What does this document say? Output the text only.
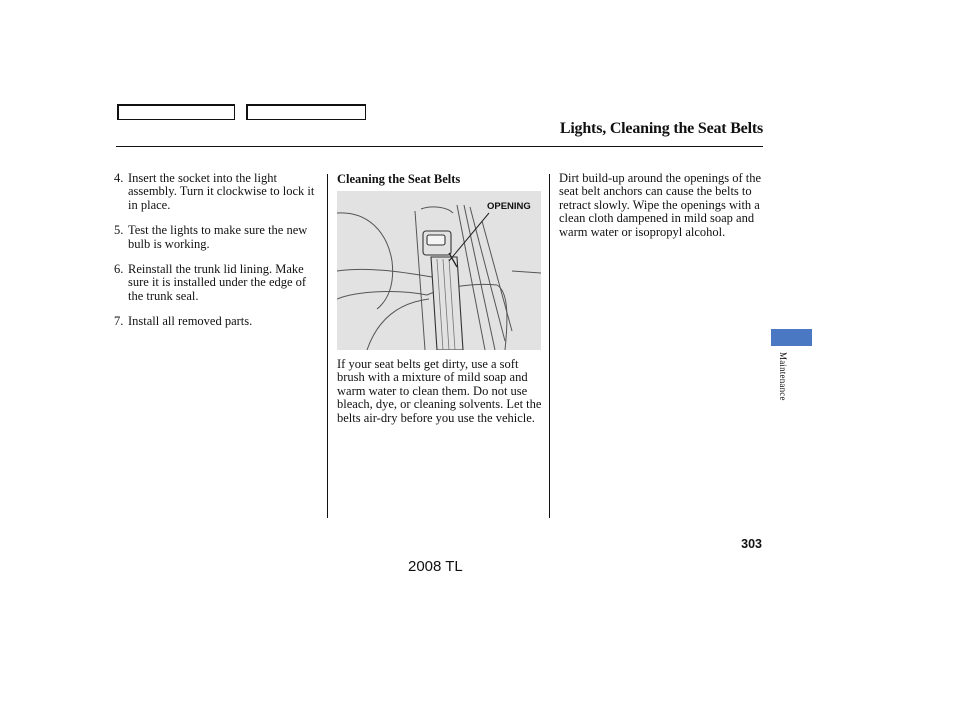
Lights, Cleaning the Seat Belts
4. Insert the socket into the light assembly. Turn it clockwise to lock it in place.
5. Test the lights to make sure the new bulb is working.
6. Reinstall the trunk lid lining. Make sure it is installed under the edge of the trunk seal.
7. Install all removed parts.
Cleaning the Seat Belts
OPENING
If your seat belts get dirty, use a soft brush with a mixture of mild soap and warm water to clean them. Do not use bleach, dye, or cleaning solvents. Let the belts air-dry before you use the vehicle.
Dirt build-up around the openings of the seat belt anchors can cause the belts to retract slowly. Wipe the openings with a clean cloth dampened in mild soap and warm water or isopropyl alcohol.
Maintenance
303
2008 TL
